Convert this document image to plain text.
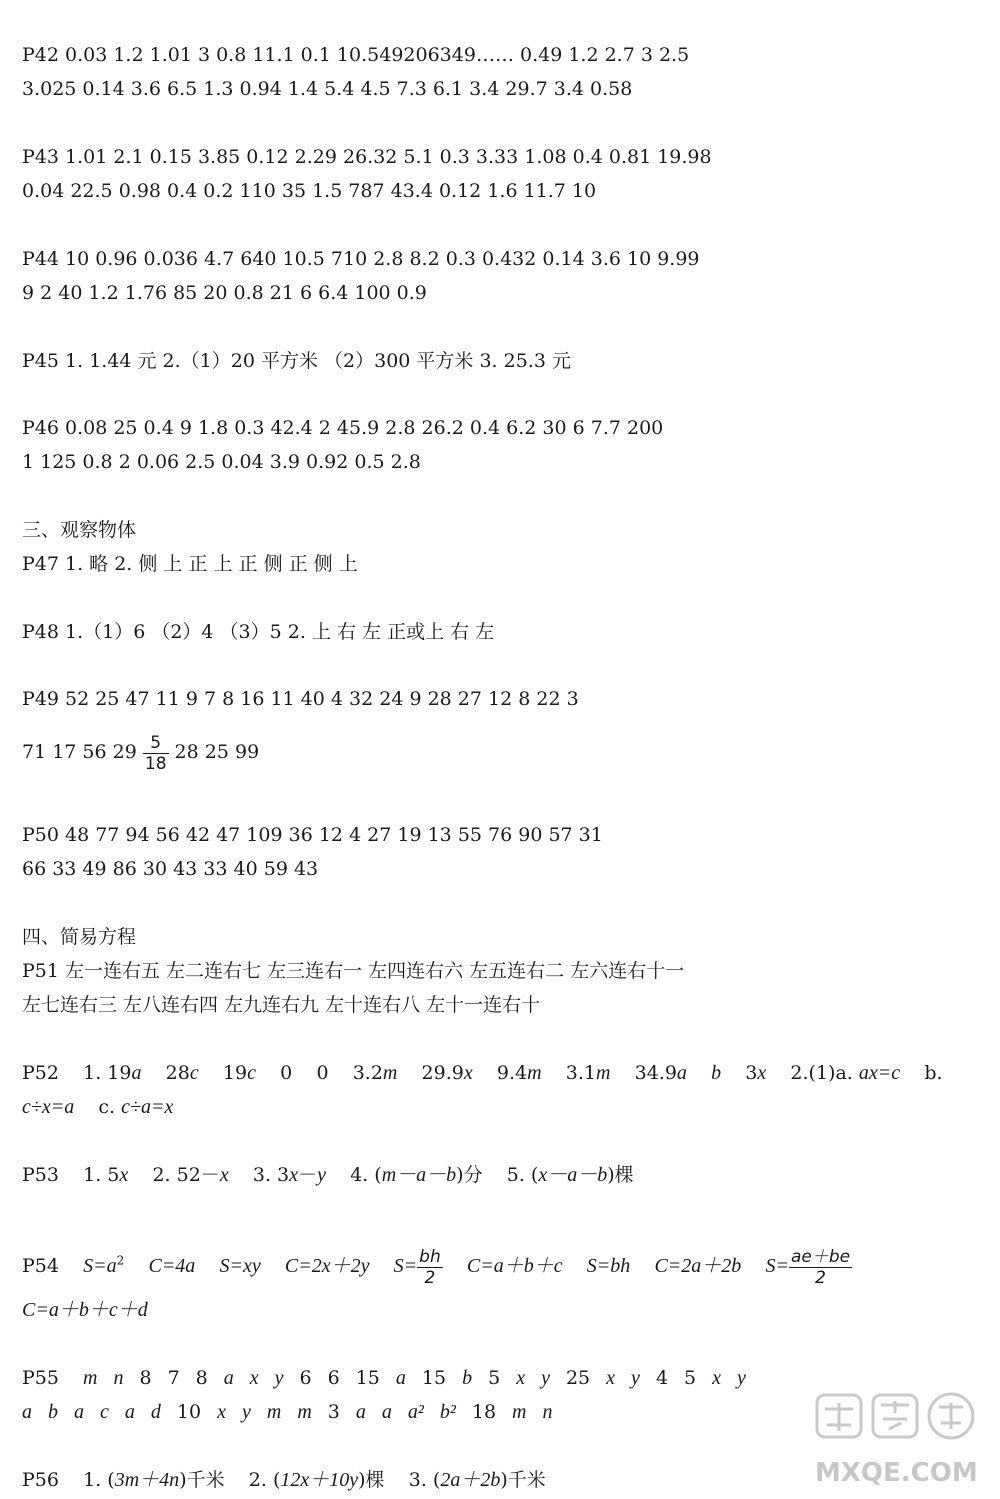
P42 0.03 1.2 1.01 3 0.8 11.1 0.1 10.549206349…… 0.49 1.2 2.7 3 2.5
3.025 0.14 3.6 6.5 1.3 0.94 1.4 5.4 4.5 7.3 6.1 3.4 29.7 3.4 0.58
P43 1.01 2.1 0.15 3.85 0.12 2.29 26.32 5.1 0.3 3.33 1.08 0.4 0.81 19.98
0.04 22.5 0.98 0.4 0.2 110 35 1.5 787 43.4 0.12 1.6 11.7 10
P44 10 0.96 0.036 4.7 640 10.5 710 2.8 8.2 0.3 0.432 0.14 3.6 10 9.99
9 2 40 1.2 1.76 85 20 0.8 21 6 6.4 100 0.9
P45 1. 1.44 元 2.（1）20 平方米 （2）300 平方米 3. 25.3 元
P46 0.08 25 0.4 9 1.8 0.3 42.4 2 45.9 2.8 26.2 0.4 6.2 30 6 7.7 200
1 125 0.8 2 0.06 2.5 0.04 3.9 0.92 0.5 2.8
三、观察物体
P47 1. 略 2. 侧 上 正 上 正 侧 正 侧 上
P48 1.（1）6 （2）4 （3）5 2. 上 右 左 正或上 右 左
P49 52 25 47 11 9 7 8 16 11 40 4 32 24 9 28 27 12 8 22 3
71 17 56 $29 \frac{5}{18} 28$ 25 99
P50 48 77 94 56 42 47 109 36 12 4 27 19 13 55 76 90 57 31
66 33 49 86 30 43 33 40 59 43
四、简易方程
P51 左一连右五 左二连右七 左三连右一 左四连右六 左五连右二 左六连右十一
左七连右三 左八连右四 左九连右九 左十连右八 左十一连右十
P52 1. 19a 28c 19c 0 0 3.2m 29.9x 9.4m 3.1m 34.9a b 3x 2.(1)a. ax=c b.
c÷x=a c. c÷a=x
P53 1. 5x 2. 52－x 3. 3x－y 4. (m－a－b)分 5. (x－a－b)棵
P54 $S=a^2$ C=4a S=xy C=2x＋2y $S= \frac{bh}{2} C=a+b+c$ S=bh C=2a＋2b $S= \frac{ae+be}{2}$
C=a＋b＋c＋d
P55 m n 8 7 8 a x y 6 6 15 a 15 b 5 x y 25 x y 4 5 x y
a b a c a d 10 x y m m 3 a a a² b² 18 m n
P56 1. (3m＋4n)千米 2. (12x＋10y)棵 3. (2a＋2b)千米	MXQE.COM
